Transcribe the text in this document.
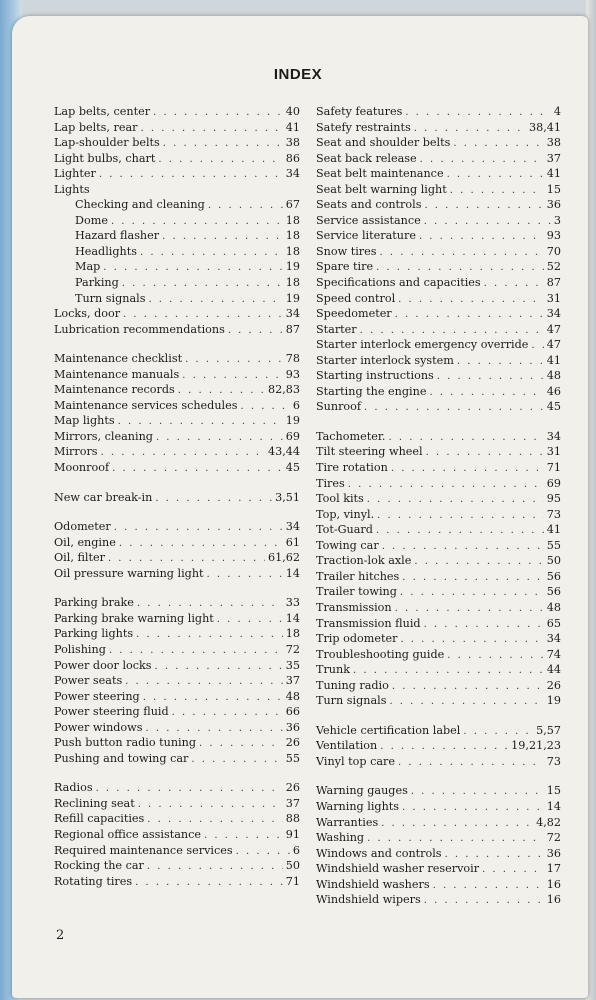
INDEX
Lap belts, center . . .	40
Lap belts, rear . . .	41
Lap-shoulder belts . . .	38
Light bulbs, chart . . .	86
Lighter . . .	34
Lights
Checking and cleaning . . .	67
Dome . . .	18
Hazard flasher . . .	18
Headlights . . .	18
Map . . .	19
Parking . . .	18
Turn signals . . .	19
Locks, door . . .	34
Lubrication recommendations . . .	87
Maintenance checklist . . .	78
Maintenance manuals . . .	93
Maintenance records . . .	82,83
Maintenance services schedules . . .	6
Map lights . . .	19
Mirrors, cleaning . . .	69
Mirrors . . .	43,44
Moonroof . . .	45
New car break-in . . .	3,51
Odometer . . .	34
Oil, engine . . .	61
Oil, filter . . .	61,62
Oil pressure warning light . . .	14
Parking brake . . .	33
Parking brake warning light . . .	14
Parking lights . . .	18
Polishing . . .	72
Power door locks . . .	35
Power seats . . .	37
Power steering . . .	48
Power steering fluid . . .	66
Power windows . . .	36
Push button radio tuning . . .	26
Pushing and towing car . . .	55
Radios . . .	26
Reclining seat . . .	37
Refill capacities . . .	88
Regional office assistance . . .	91
Required maintenance services . . .	6
Rocking the car . . .	50
Rotating tires . . .	71
Safety features . . .	4
Satefy restraints . . .	38,41
Seat and shoulder belts . . .	38
Seat back release . . .	37
Seat belt maintenance . . .	41
Seat belt warning light . . .	15
Seats and controls . . .	36
Service assistance . . .	3
Service literature . . .	93
Snow tires . . .	70
Spare tire . . .	52
Specifications and capacities . . .	87
Speed control . . .	31
Speedometer . . .	34
Starter . . .	47
Starter interlock emergency override . . . 47
Starter interlock system . . .	41
Starting instructions . . .	48
Starting the engine . . .	46
Sunroof . . .	45
Tachometer. . . .	34
Tilt steering wheel . . .	31
Tire rotation . . .	71
Tires . . .	69
Tool kits . . .	95
Top, vinyl. . . .	73
Tot-Guard . . .	41
Towing car . . .	55
Traction-lok axle . . .	50
Trailer hitches . . .	56
Trailer towing . . .	56
Transmission . . .	48
Transmission fluid . . .	65
Trip odometer . . .	34
Troubleshooting guide . . .	74
Trunk . . .	44
Tuning radio . . .	26
Turn signals . . .	19
Vehicle certification label . . .	5,57
Ventilation . . .	19,21,23
Vinyl top care . . .	73
Warning gauges . . .	15
Warning lights . . .	14
Warranties . . .	4,82
Washing . . .	72
Windows and controls . . .	36
Windshield washer reservoir . . .	17
Windshield washers . . .	16
Windshield wipers . . .	16
2
